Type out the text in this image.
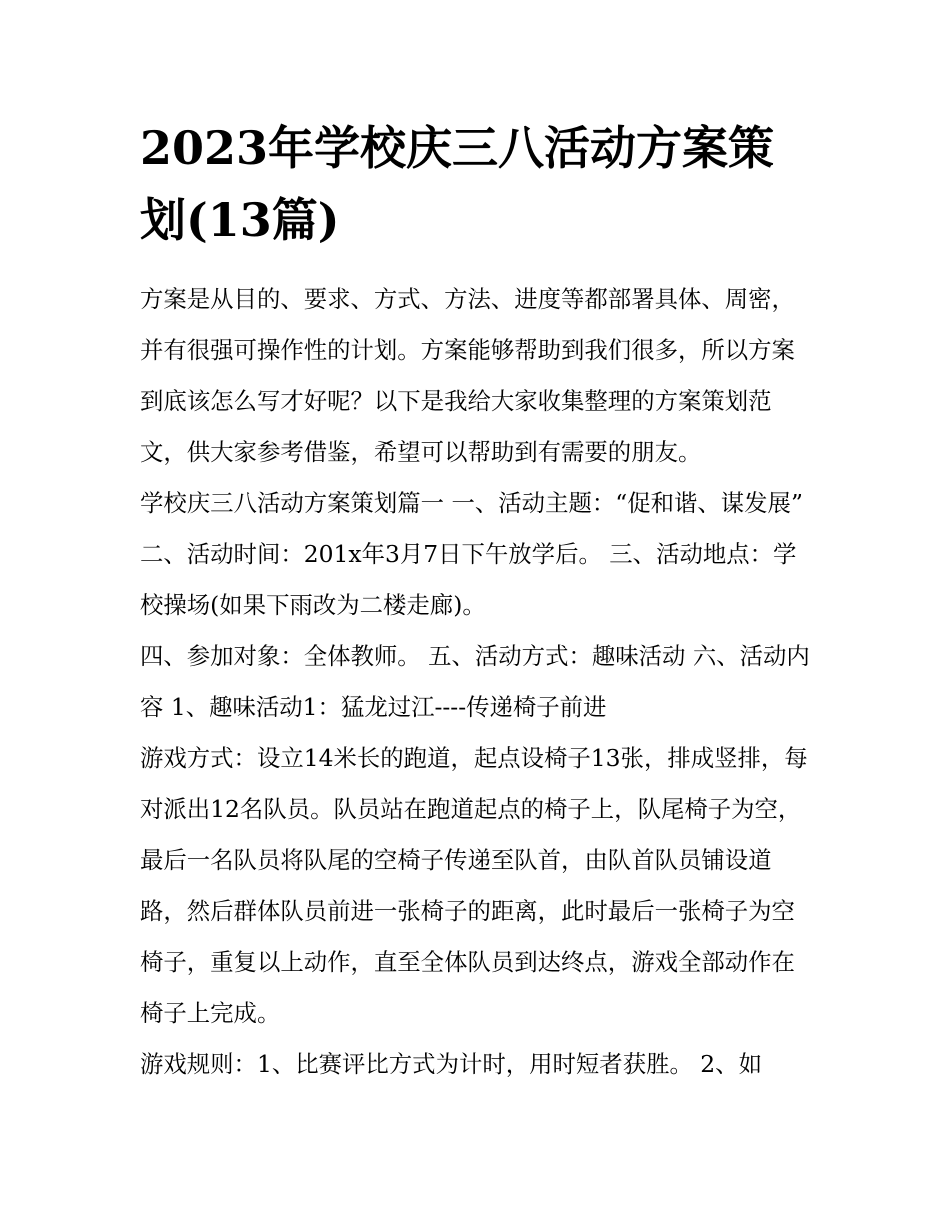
2023年学校庆三八活动方案策划(13篇)

方案是从目的、要求、方式、方法、进度等都部署具体、周密，并有很强可操作性的计划。方案能够帮助到我们很多，所以方案到底该怎么写才好呢？以下是我给大家收集整理的方案策划范文，供大家参考借鉴，希望可以帮助到有需要的朋友。

学校庆三八活动方案策划篇一 一、活动主题：“促和谐、谋发展” 二、活动时间：201x年3月7日下午放学后。 三、活动地点：学校操场(如果下雨改为二楼走廊)。

四、参加对象：全体教师。 五、活动方式：趣味活动 六、活动内容 1、趣味活动1：猛龙过江----传递椅子前进

游戏方式：设立14米长的跑道，起点设椅子13张，排成竖排，每对派出12名队员。队员站在跑道起点的椅子上，队尾椅子为空，最后一名队员将队尾的空椅子传递至队首，由队首队员铺设道路，然后群体队员前进一张椅子的距离，此时最后一张椅子为空椅子，重复以上动作，直至全体队员到达终点，游戏全部动作在椅子上完成。

游戏规则：1、比赛评比方式为计时，用时短者获胜。 2、如
